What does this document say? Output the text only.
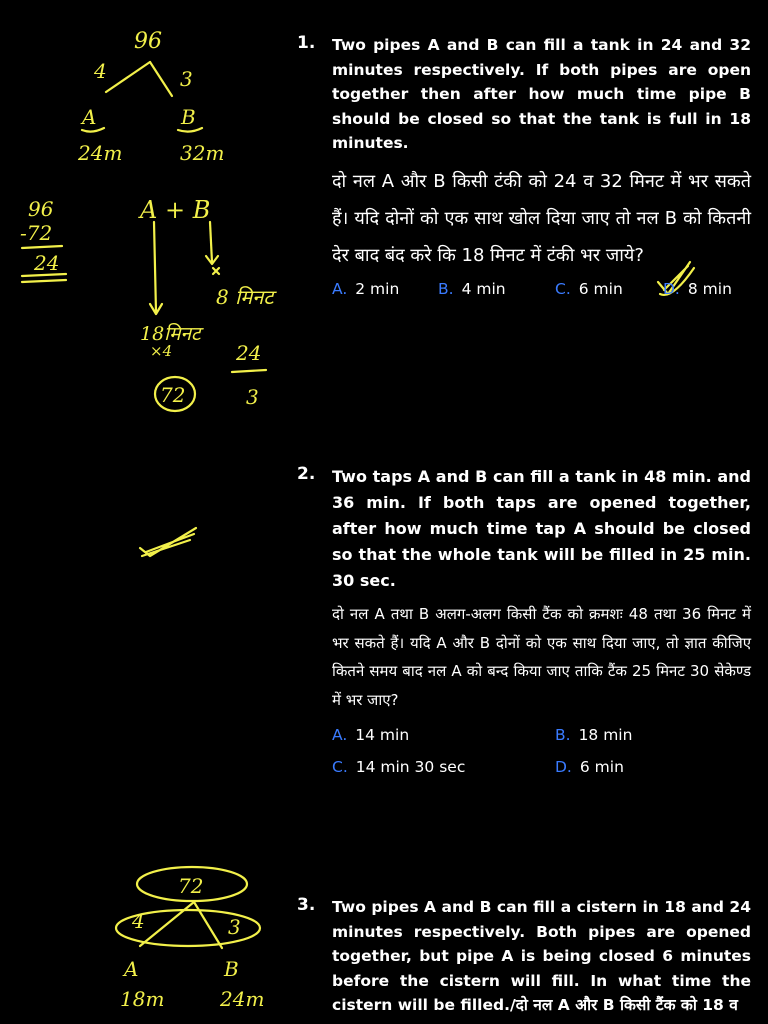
96
4	3
A	B
24m	32m
96
-72
24
A + B
8 मिनट
18मिनट
×4
72
24
3
72
4	3
A	B
18m	24m
1. Two pipes A and B can fill a tank in 24 and 32 minutes respectively. If both pipes are open together then after how much time pipe B should be closed so that the tank is full in 18 minutes.
दो नल A और B किसी टंकी को 24 व 32 मिनट में भर सकते हैं। यदि दोनों को एक साथ खोल दिया जाए तो नल B को कितनी देर बाद बंद करे कि 18 मिनट में टंकी भर जाये?
A. 2 min B. 4 min	C. 6 min	D. 8 min
2. Two taps A and B can fill a tank in 48 min. and 36 min. If both taps are opened together, after how much time tap A should be closed so that the whole tank will be filled in 25 min. 30 sec.
दो नल A तथा B अलग-अलग किसी टैंक को क्रमशः 48 तथा 36 मिनट में भर सकते हैं। यदि A और B दोनों को एक साथ दिया जाए, तो ज्ञात कीजिए कितने समय बाद नल A को बन्द किया जाए ताकि टैंक 25 मिनट 30 सेकेण्ड में भर जाए?
A. 14 min	B. 18 min
C. 14 min 30 sec	D. 6 min
3. Two pipes A and B can fill a cistern in 18 and 24 minutes respectively. Both pipes are opened together, but pipe A is being closed 6 minutes before the cistern will fill. In what time the cistern will be filled./दो नल A और B किसी टैंक को 18 व
